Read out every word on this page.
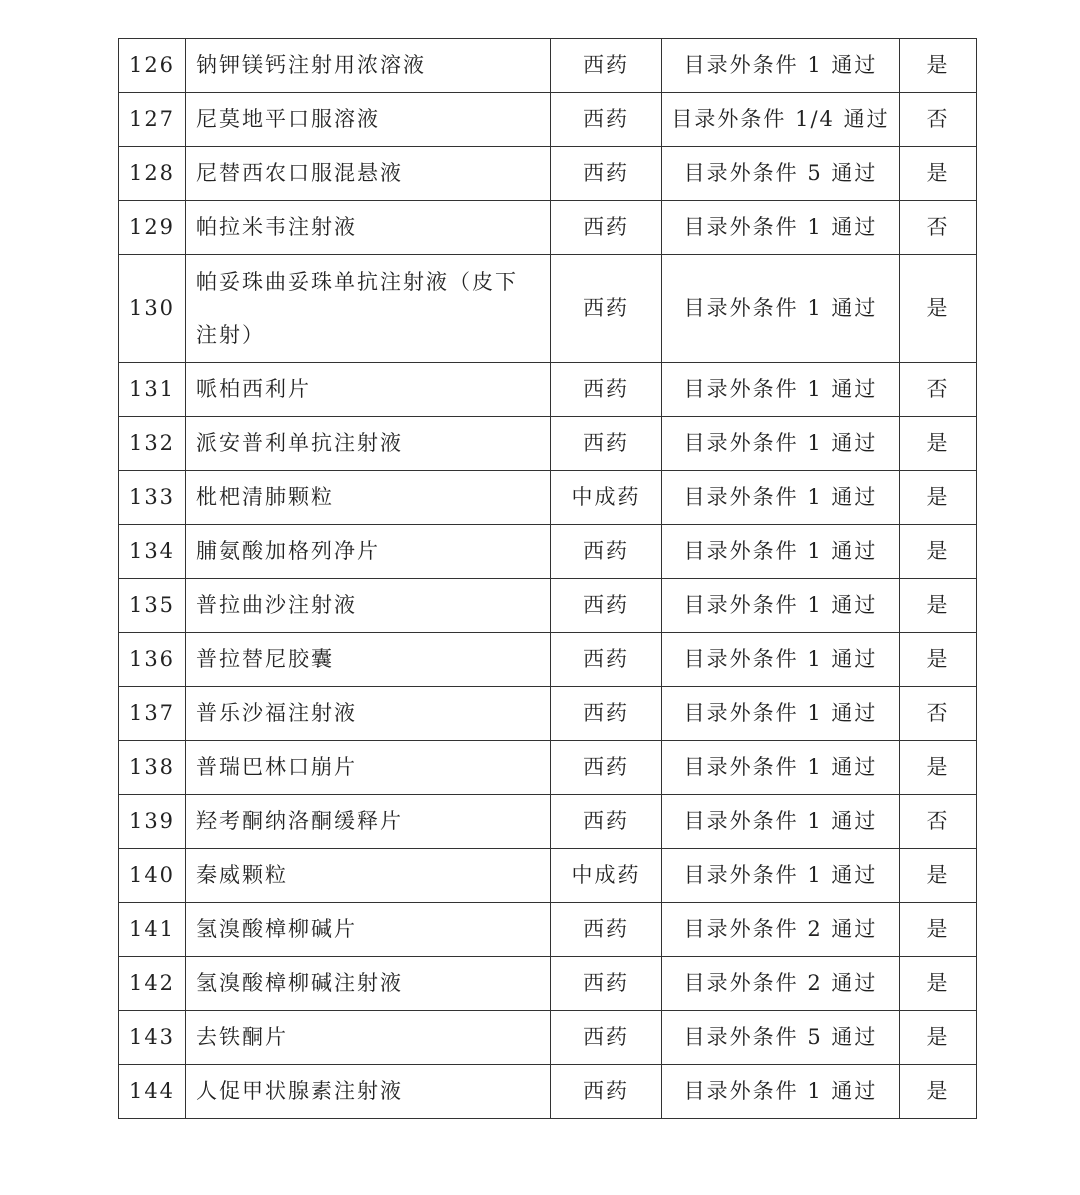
126	钠钾镁钙注射用浓溶液	西药	目录外条件 1 通过	是
127	尼莫地平口服溶液	西药	目录外条件 1/4 通过	否
128	尼替西农口服混悬液	西药	目录外条件 5 通过	是
129	帕拉米韦注射液	西药	目录外条件 1 通过	否
130	帕妥珠曲妥珠单抗注射液（皮下注射）	西药	目录外条件 1 通过	是
131	哌柏西利片	西药	目录外条件 1 通过	否
132	派安普利单抗注射液	西药	目录外条件 1 通过	是
133	枇杷清肺颗粒	中成药	目录外条件 1 通过	是
134	脯氨酸加格列净片	西药	目录外条件 1 通过	是
135	普拉曲沙注射液	西药	目录外条件 1 通过	是
136	普拉替尼胶囊	西药	目录外条件 1 通过	是
137	普乐沙福注射液	西药	目录外条件 1 通过	否
138	普瑞巴林口崩片	西药	目录外条件 1 通过	是
139	羟考酮纳洛酮缓释片	西药	目录外条件 1 通过	否
140	秦威颗粒	中成药	目录外条件 1 通过	是
141	氢溴酸樟柳碱片	西药	目录外条件 2 通过	是
142	氢溴酸樟柳碱注射液	西药	目录外条件 2 通过	是
143	去铁酮片	西药	目录外条件 5 通过	是
144	人促甲状腺素注射液	西药	目录外条件 1 通过	是
